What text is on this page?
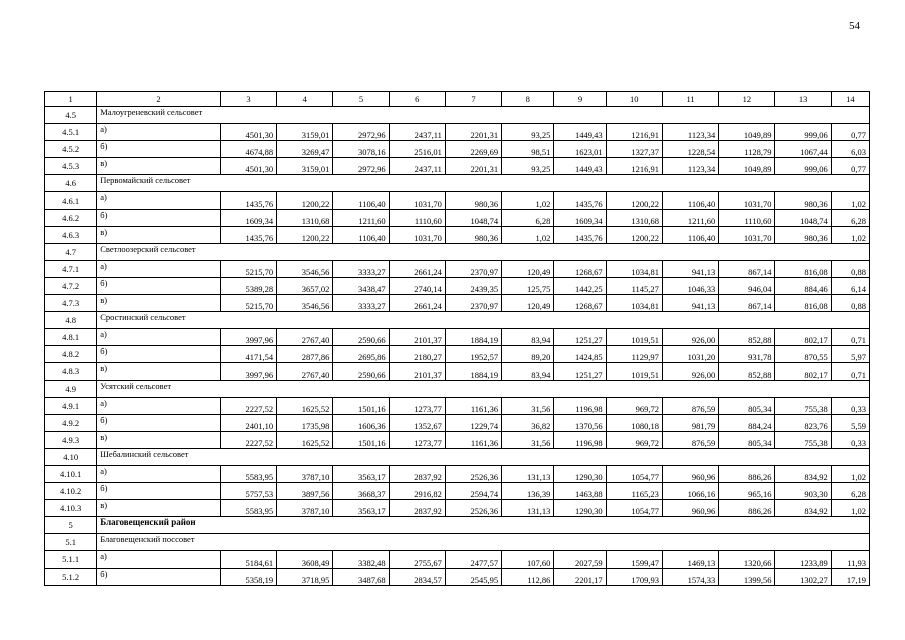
54
1	2	3	4	5	6	7	8	9	10	11	12	13	14
4.5	Малоугреневский сельсовет												
4.5.1	а)	4501,30	3159,01	2972,96	2437,11	2201,31	93,25	1449,43	1216,91	1123,34	1049,89	999,06	0,77
4.5.2	б)	4674,88	3269,47	3078,16	2516,01	2269,69	98,51	1623,01	1327,37	1228,54	1128,79	1067,44	6,03
4.5.3	в)	4501,30	3159,01	2972,96	2437,11	2201,31	93,25	1449,43	1216,91	1123,34	1049,89	999,06	0,77
4.6	Первомайский сельсовет												
4.6.1	а)	1435,76	1200,22	1106,40	1031,70	980,36	1,02	1435,76	1200,22	1106,40	1031,70	980,36	1,02
4.6.2	б)	1609,34	1310,68	1211,60	1110,60	1048,74	6,28	1609,34	1310,68	1211,60	1110,60	1048,74	6,28
4.6.3	в)	1435,76	1200,22	1106,40	1031,70	980,36	1,02	1435,76	1200,22	1106,40	1031,70	980,36	1,02
4.7	Светлоозерский сельсовет												
4.7.1	а)	5215,70	3546,56	3333,27	2661,24	2370,97	120,49	1268,67	1034,81	941,13	867,14	816,08	0,88
4.7.2	б)	5389,28	3657,02	3438,47	2740,14	2439,35	125,75	1442,25	1145,27	1046,33	946,04	884,46	6,14
4.7.3	в)	5215,70	3546,56	3333,27	2661,24	2370,97	120,49	1268,67	1034,81	941,13	867,14	816,08	0,88
4.8	Сростинский сельсовет												
4.8.1	а)	3997,96	2767,40	2590,66	2101,37	1884,19	83,94	1251,27	1019,51	926,00	852,88	802,17	0,71
4.8.2	б)	4171,54	2877,86	2695,86	2180,27	1952,57	89,20	1424,85	1129,97	1031,20	931,78	870,55	5,97
4.8.3	в)	3997,96	2767,40	2590,66	2101,37	1884,19	83,94	1251,27	1019,51	926,00	852,88	802,17	0,71
4.9	Усятский сельсовет												
4.9.1	а)	2227,52	1625,52	1501,16	1273,77	1161,36	31,56	1196,98	969,72	876,59	805,34	755,38	0,33
4.9.2	б)	2401,10	1735,98	1606,36	1352,67	1229,74	36,82	1370,56	1080,18	981,79	884,24	823,76	5,59
4.9.3	в)	2227,52	1625,52	1501,16	1273,77	1161,36	31,56	1196,98	969,72	876,59	805,34	755,38	0,33
4.10	Шебалинский сельсовет												
4.10.1	а)	5583,95	3787,10	3563,17	2837,92	2526,36	131,13	1290,30	1054,77	960,96	886,26	834,92	1,02
4.10.2	б)	5757,53	3897,56	3668,37	2916,82	2594,74	136,39	1463,88	1165,23	1066,16	965,16	903,30	6,28
4.10.3	в)	5583,95	3787,10	3563,17	2837,92	2526,36	131,13	1290,30	1054,77	960,96	886,26	834,92	1,02
5	Благовещенский район												
5.1	Благовещенский поссовет												
5.1.1	а)	5184,61	3608,49	3382,48	2755,67	2477,57	107,60	2027,59	1599,47	1469,13	1320,66	1233,89	11,93
5.1.2	б)	5358,19	3718,95	3487,68	2834,57	2545,95	112,86	2201,17	1709,93	1574,33	1399,56	1302,27	17,19
